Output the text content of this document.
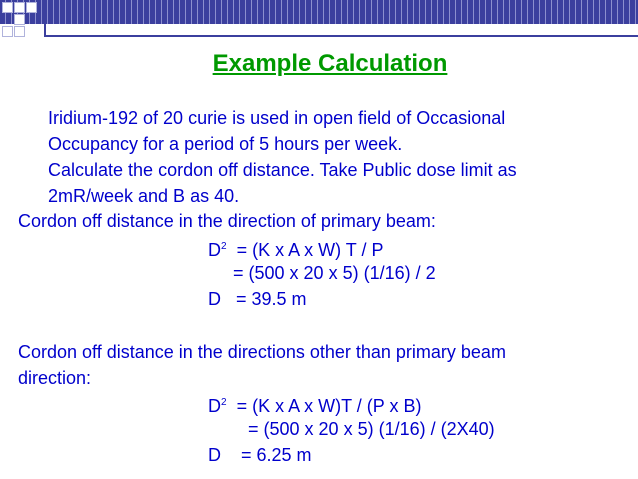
Example Calculation
Iridium-192 of 20 curie is used in open field of Occasional
Occupancy for a period of 5 hours per week.
Calculate the cordon off distance. Take Public dose limit as
2mR/week and B as 40.
Cordon off distance in the direction of primary beam:
$D^2 = (K$ x A x W) T / P
= (500 x 20 x 5) (1/16) / 2
D   = 39.5 m
Cordon off distance in the directions other than primary beam
direction:
$D^2 = (K$ x A x W)T / (P x B)
= (500 x 20 x 5) (1/16) / (2X40)
D    = 6.25 m
